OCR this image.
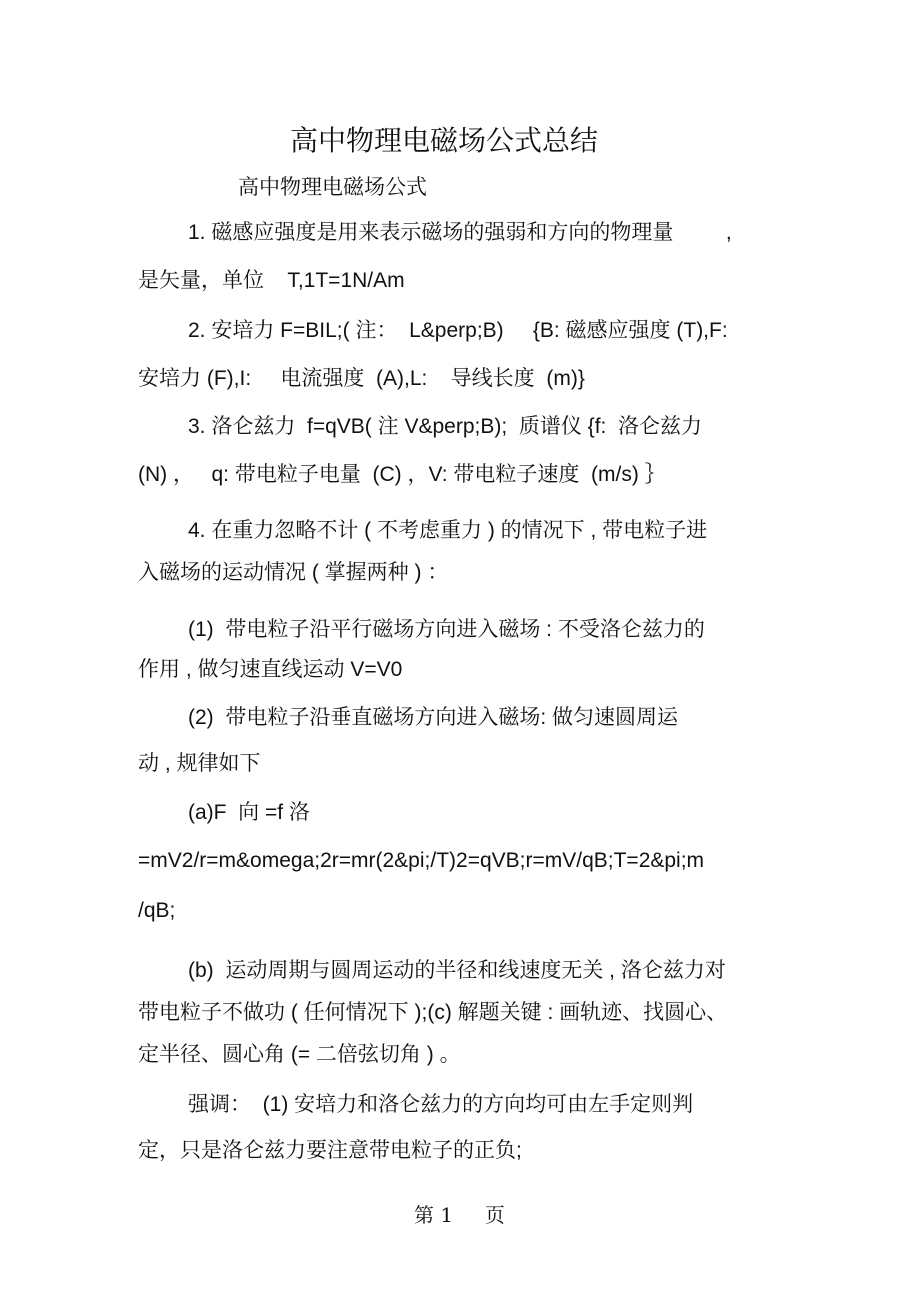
高中物理电磁场公式总结
高中物理电磁场公式
1. 磁感应强度是用来表示磁场的强弱和方向的物理量         ,
是矢量，单位    T,1T=1N/Am
2. 安培力 F=BIL;( 注：  L&perp;B)     {B: 磁感应强度 (T),F:
安培力 (F),I:     电流强度  (A),L:    导线长度  (m)}
3. 洛仑兹力  f=qVB( 注 V&perp;B);  质谱仪 {f:  洛仑兹力
(N) ，   q: 带电粒子电量  (C) ，V: 带电粒子速度  (m/s) ｝
4. 在重力忽略不计 ( 不考虑重力 ) 的情况下 , 带电粒子进
入磁场的运动情况 ( 掌握两种 ) ：
(1)  带电粒子沿平行磁场方向进入磁场 : 不受洛仑兹力的
作用 , 做匀速直线运动 V=V0
(2)  带电粒子沿垂直磁场方向进入磁场: 做匀速圆周运
动 , 规律如下
(a)F  向 =f 洛
=mV2/r=m&omega;2r=mr(2&pi;/T)2=qVB;r=mV/qB;T=2&pi;m
/qB;
(b)  运动周期与圆周运动的半径和线速度无关 , 洛仑兹力对
带电粒子不做功 ( 任何情况下 );(c) 解题关键 : 画轨迹、找圆心、
定半径、圆心角 (= 二倍弦切角 ) 。
强调：  (1) 安培力和洛仑兹力的方向均可由左手定则判
定，只是洛仑兹力要注意带电粒子的正负;
第 1     页
